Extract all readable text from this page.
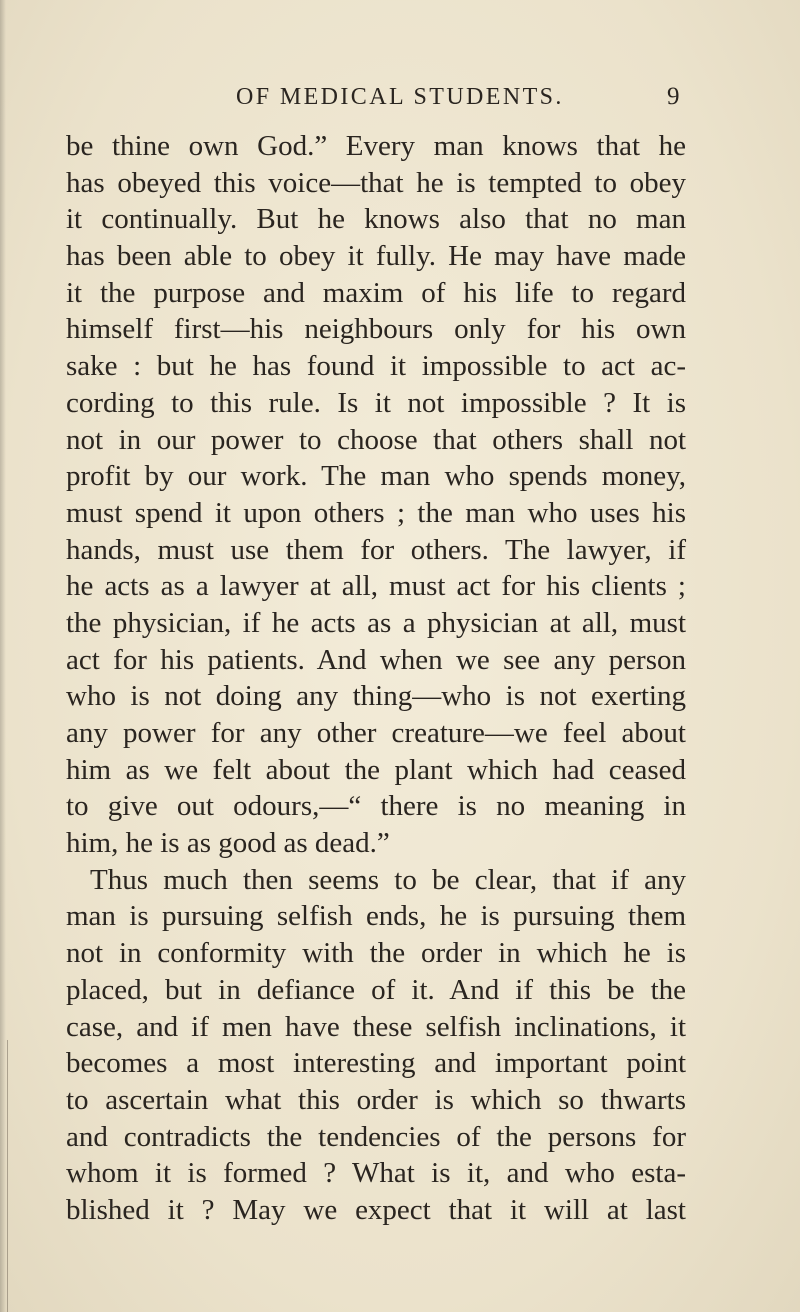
OF MEDICAL STUDENTS.	9
be thine own God.” Every man knows that he
has obeyed this voice—that he is tempted to obey
it continually. But he knows also that no man
has been able to obey it fully. He may have made
it the purpose and maxim of his life to regard
himself first—his neighbours only for his own
sake : but he has found it impossible to act ac-
cording to this rule. Is it not impossible ? It is
not in our power to choose that others shall not
profit by our work. The man who spends money,
must spend it upon others ; the man who uses his
hands, must use them for others. The lawyer, if
he acts as a lawyer at all, must act for his clients ;
the physician, if he acts as a physician at all, must
act for his patients. And when we see any person
who is not doing any thing—who is not exerting
any power for any other creature—we feel about
him as we felt about the plant which had ceased
to give out odours,—“ there is no meaning in
him, he is as good as dead.”
Thus much then seems to be clear, that if any
man is pursuing selfish ends, he is pursuing them
not in conformity with the order in which he is
placed, but in defiance of it. And if this be the
case, and if men have these selfish inclinations, it
becomes a most interesting and important point
to ascertain what this order is which so thwarts
and contradicts the tendencies of the persons for
whom it is formed ? What is it, and who esta-
blished it ? May we expect that it will at last
